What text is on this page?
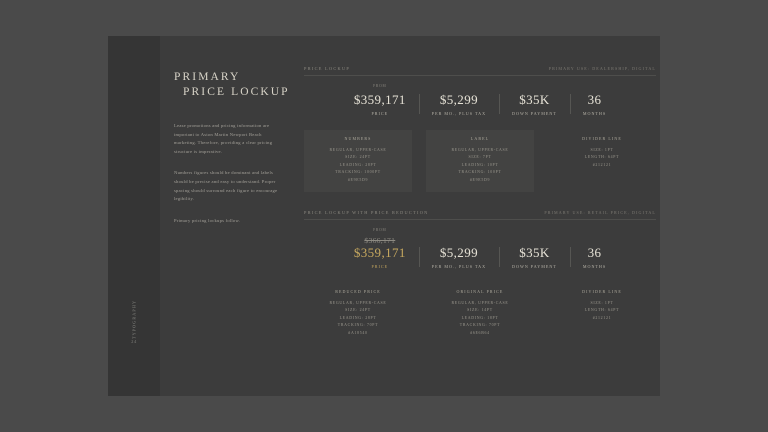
TYPOGRAPHY
24
PRIMARY
PRICE LOCKUP

Lease promotions and pricing information are important to Aston Martin Newport Beach marketing. Therefore, providing a clear pricing structure is imperative.

Numbers figures should be dominant and labels should be precise and easy to understand. Proper spacing should surround each figure to encourage legibility.

Primary pricing lockups follow.

PRICE LOCKUP	PRIMARY USE: DEALERSHIP, DIGITAL
FROM
$359,171
PRICE
$5,299
PER MO., PLUS TAX
$35K
DOWN PAYMENT
36
MONTHS
NUMBERS
REGULAR, UPPER-CASE
SIZE: 24PT
LEADING: 28PT
TRACKING: 1000PT
#E9E5D9
LABEL
REGULAR, UPPER-CASE
SIZE: 7PT
LEADING: 10PT
TRACKING: 100PT
#E9E5D9
DIVIDER LINE
SIZE: 1PT
LENGTH: 64PT
#212121
PRICE LOCKUP WITH PRICE REDUCTION	PRIMARY USE: RETAIL PRICE, DIGITAL
FROM
$366,171
$359,171
PRICE
$5,299
PER MO., PLUS TAX
$35K
DOWN PAYMENT
36
MONTHS
REDUCED PRICE
REGULAR, UPPER-CASE
SIZE: 24PT
LEADING: 28PT
TRACKING: 70PT
#A18540
ORIGINAL PRICE
REGULAR, UPPER-CASE
SIZE: 14PT
LEADING: 18PT
TRACKING: 70PT
#6E6B64
DIVIDER LINE
SIZE: 1PT
LENGTH: 64PT
#212121
